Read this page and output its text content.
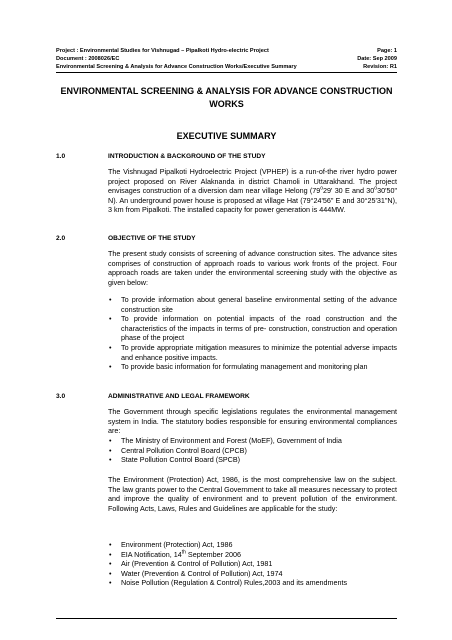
Project : Environmental Studies for Vishnugad – Pipalkoti Hydro-electric Project	Page: 1
Document : 2008026/EC	Date: Sep 2009
Environmental Screening & Analysis for Advance Construction Works/Executive Summary	Revision: R1
ENVIRONMENTAL SCREENING & ANALYSIS FOR ADVANCE CONSTRUCTION
WORKS
EXECUTIVE SUMMARY
1.0	INTRODUCTION & BACKGROUND OF THE STUDY

The Vishnugad Pipalkoti Hydroelectric Project (VPHEP) is a run-of-the river hydro power project proposed on River Alaknanda in district Chamoli in Uttarakhand. The project envisages construction of a diversion dam near village Helong (79$^o$29' 30 E and 30$^o$30'50" N). An underground power house is proposed at village Hat (79°24'56" E and 30°25'31"N), 3 km from Pipalkoti. The installed capacity for power generation is 444MW.

2.0	OBJECTIVE OF THE STUDY
The present study consists of screening of advance construction sites. The advance sites comprises of construction of approach roads to various work fronts of the project. Four approach roads are taken under the environmental screening study with the objective as given below:
• To provide information about general baseline environmental setting of the advance construction site
• To provide information on potential impacts of the road construction and the characteristics of the impacts in terms of pre- construction, construction and operation phase of the project
• To provide appropriate mitigation measures to minimize the potential adverse impacts and enhance positive impacts.
• To provide basic information for formulating management and monitoring plan
3.0	ADMINISTRATIVE AND LEGAL FRAMEWORK
The Government through specific legislations regulates the environmental management system in India. The statutory bodies responsible for ensuring environmental compliances are:
• The Ministry of Environment and Forest (MoEF), Government of India
• Central Pollution Control Board (CPCB)
• State Pollution Control Board (SPCB)
The Environment (Protection) Act, 1986, is the most comprehensive law on the subject. The law grants power to the Central Government to take all measures necessary to protect and improve the quality of environment and to prevent pollution of the environment. Following Acts, Laws, Rules and Guidelines are applicable for the study:
• Environment (Protection) Act, 1986
• EIA Notification, 14th September 2006
• Air (Prevention & Control of Pollution) Act, 1981
• Water (Prevention & Control of Pollution) Act, 1974
• Noise Pollution (Regulation & Control) Rules,2003 and its amendments
